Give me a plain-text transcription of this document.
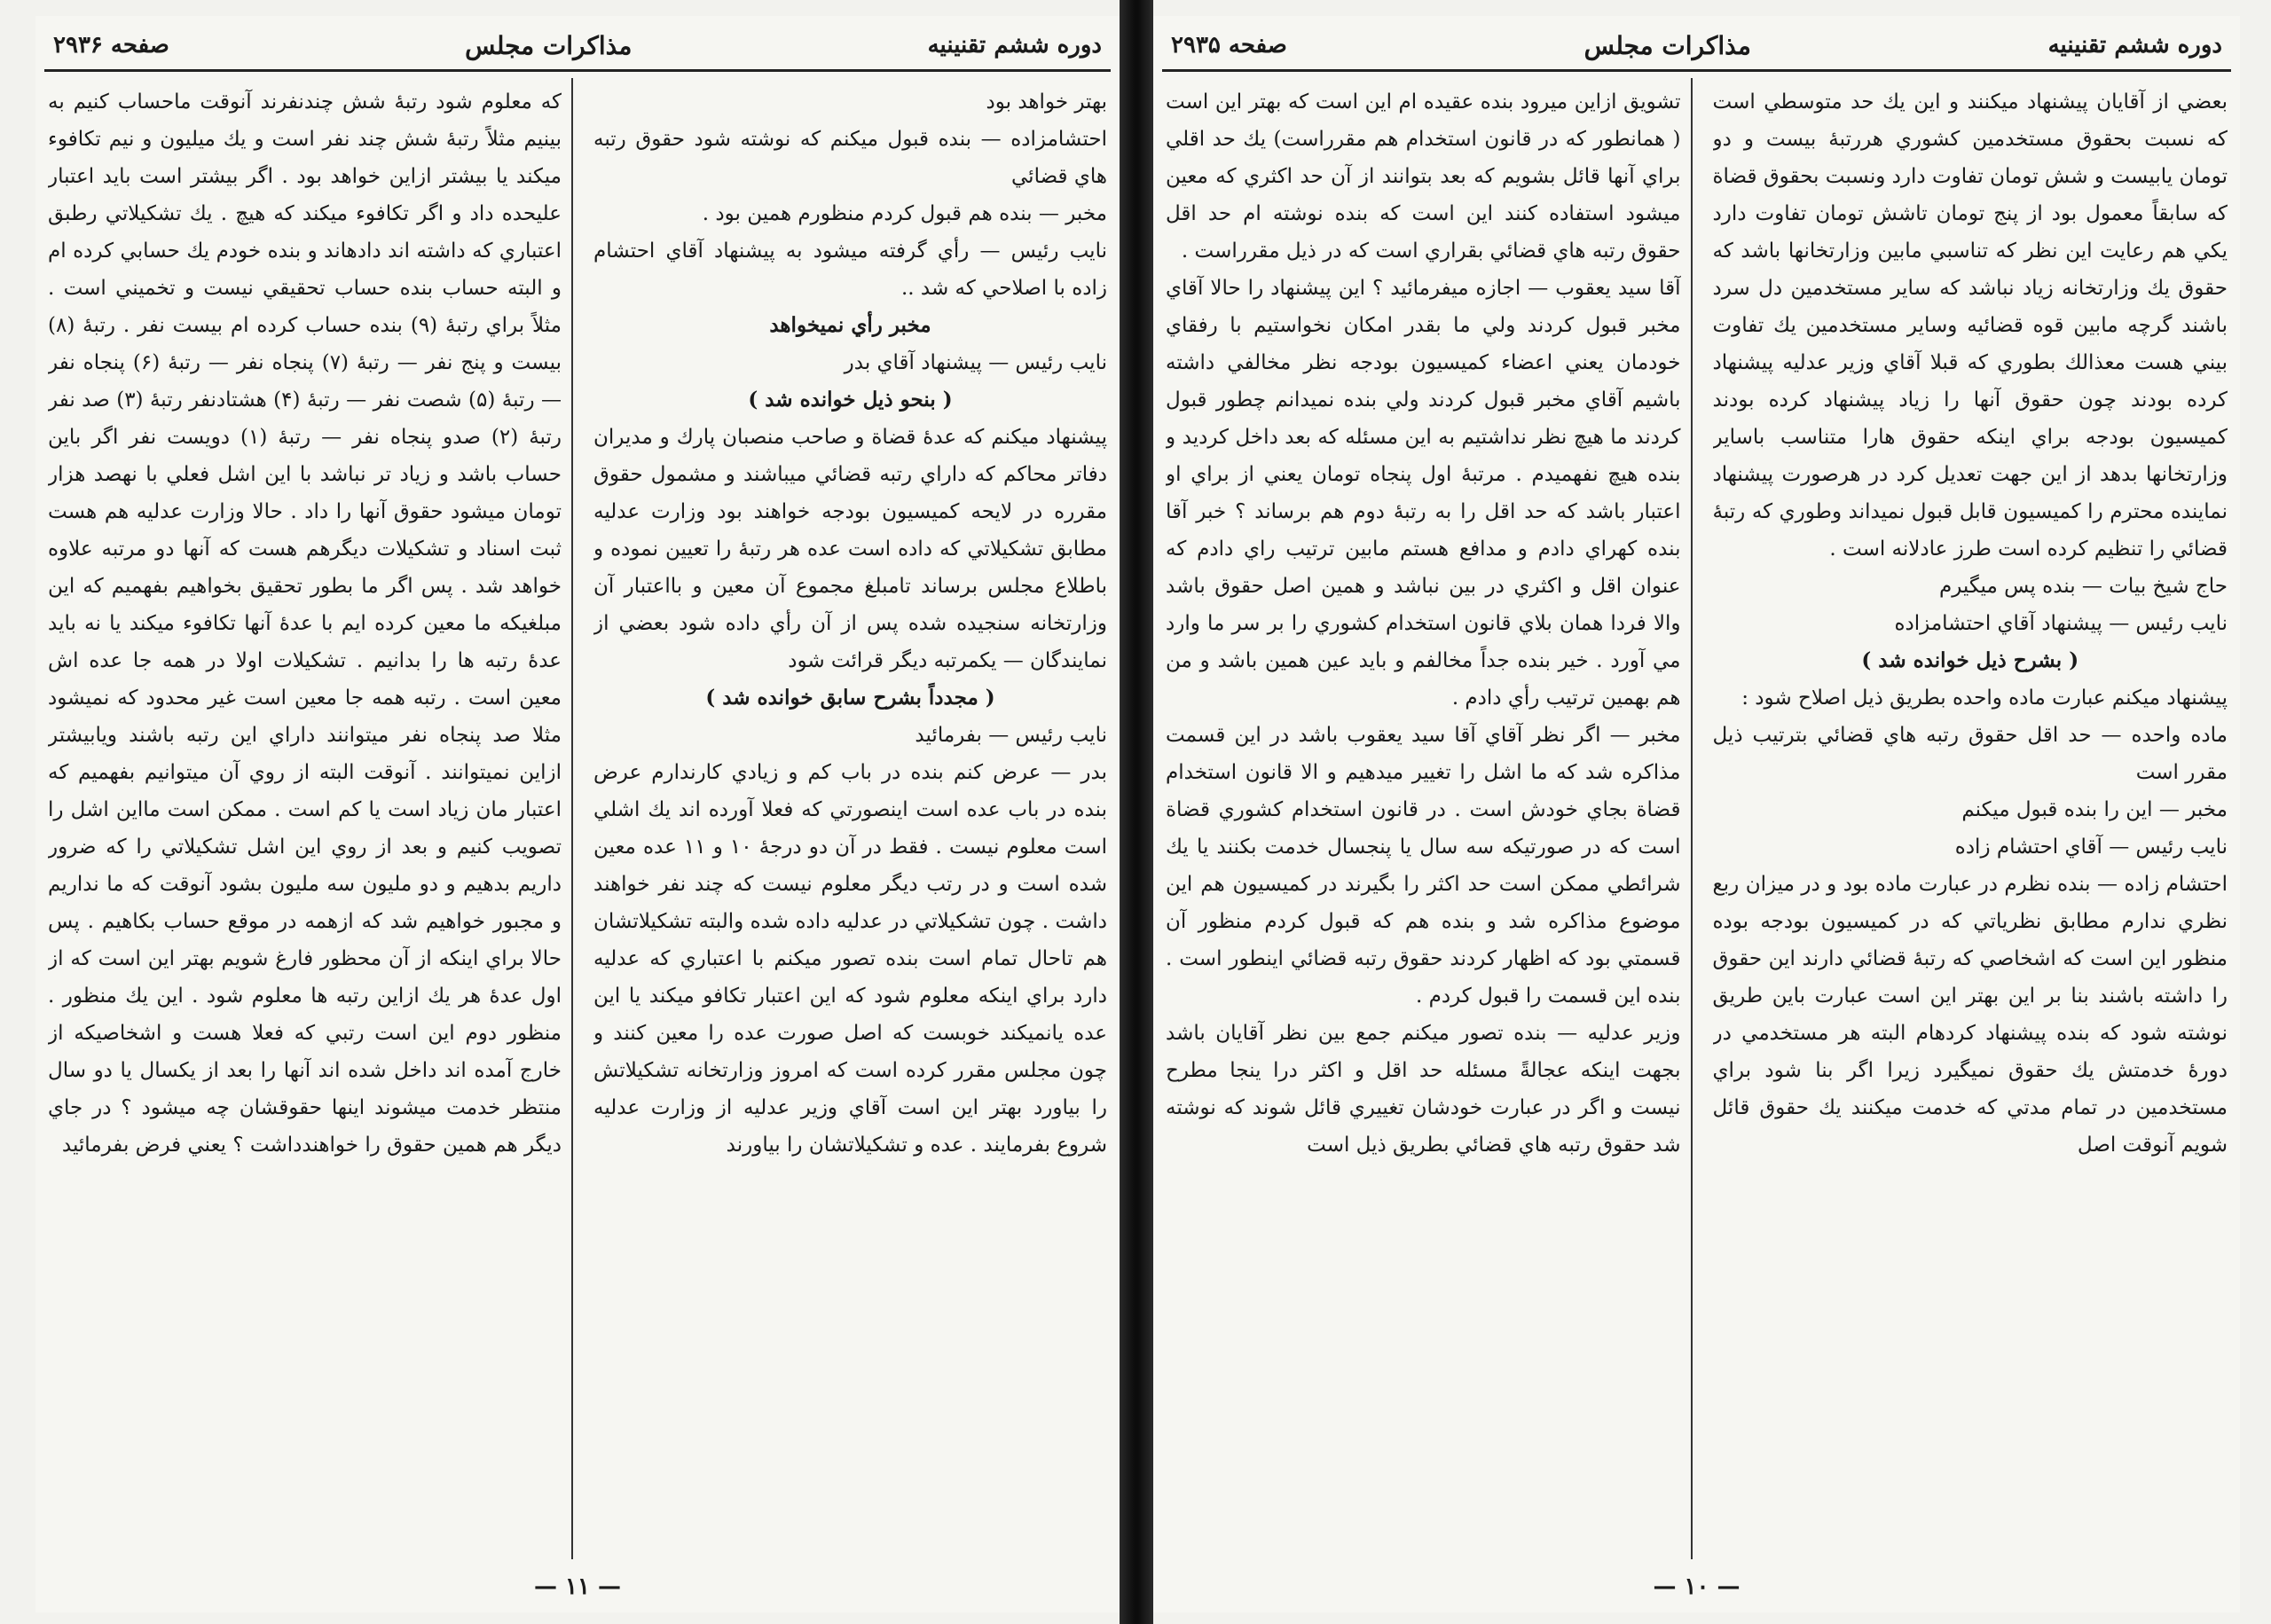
دوره ششم تقنينيه
مذاکرات مجلس
صفحه ۲۹۳۶

بهتر خواهد بود

احتشامزاده — بنده قبول ميكنم كه نوشته شود حقوق رتبه هاي قضائي

مخبر — بنده هم قبول كردم منظورم همين بود .

نايب رئيس — رأي گرفته ميشود به پيشنهاد آقاي احتشام زاده با اصلاحي كه شد ..

مخبر رأي نميخواهد

نايب رئيس — پيشنهاد آقاي بدر

( بنحو ذيل خوانده شد )

پيشنهاد ميكنم كه عدهٔ قضاة و صاحب منصبان پارك و مديران دفاتر محاكم كه داراي رتبه قضائي ميباشند و مشمول حقوق مقرره در لايحه كميسيون بودجه خواهند بود وزارت عدليه مطابق تشكيلاتي كه داده است عده هر رتبهٔ را تعيين نموده و باطلاع مجلس برساند تامبلغ مجموع آن معين و بااعتبار آن وزارتخانه سنجيده شده پس از آن رأي داده شود بعضي از نمايندگان — يكمرتبه ديگر قرائت شود

( مجدداً بشرح سابق خوانده شد )

نايب رئيس — بفرمائيد

بدر — عرض كنم بنده در باب كم و زيادي كارندارم عرض بنده در باب عده است اينصورتي كه فعلا آورده اند يك اشلي است معلوم نيست . فقط در آن دو درجهٔ ۱۰ و ۱۱ عده معين شده است و در رتب ديگر معلوم نيست كه چند نفر خواهند داشت . چون تشكيلاتي در عدليه داده شده والبته تشكيلاتشان هم تاحال تمام است بنده تصور ميكنم با اعتباري كه عدليه دارد براي اينكه معلوم شود كه اين اعتبار تكافو ميكند يا اين عده يانميكند خوبست كه اصل صورت عده را معين كنند و چون مجلس مقرر كرده است كه امروز وزارتخانه تشكيلاتش را بياورد بهتر اين است آقاي وزير عدليه از وزارت عدليه شروع بفرمايند . عده و تشكيلاتشان را بياورند

كه معلوم شود رتبهٔ شش چندنفرند آنوقت ماحساب كنيم به بينيم مثلاً رتبهٔ شش چند نفر است و يك ميليون و نيم تكافوء ميكند يا بيشتر ازاين خواهد بود . اگر بيشتر است بايد اعتبار عليحده داد و اگر تكافوء ميكند كه هيچ . يك تشكيلاتي رطبق اعتباري كه داشته اند دادهاند و بنده خودم يك حسابي كرده ام و البته حساب بنده حساب تحقيقي نيست و تخميني است . مثلاً براي رتبهٔ (۹) بنده حساب كرده ام بيست نفر . رتبهٔ (۸) بيست و پنج نفر — رتبهٔ (۷) پنجاه نفر — رتبهٔ (۶) پنجاه نفر — رتبهٔ (۵) شصت نفر — رتبهٔ (۴) هشتادنفر رتبهٔ (۳) صد نفر رتبهٔ (۲) صدو پنجاه نفر — رتبهٔ (۱) دويست نفر اگر باين حساب باشد و زياد تر نباشد با اين اشل فعلي با نهصد هزار تومان ميشود حقوق آنها را داد . حالا وزارت عدليه هم هست ثبت اسناد و تشكيلات ديگرهم هست كه آنها دو مرتبه علاوه خواهد شد . پس اگر ما بطور تحقيق بخواهيم بفهميم كه اين مبلغيكه ما معين كرده ايم با عدهٔ آنها تكافوء ميكند يا نه بايد عدهٔ رتبه ها را بدانيم . تشكيلات اولا در همه جا عده اش معين است . رتبه همه جا معين است غير محدود كه نميشود مثلا صد پنجاه نفر ميتوانند داراي اين رتبه باشند ويابيشتر ازاين نميتوانند . آنوقت البته از روي آن ميتوانيم بفهميم كه اعتبار مان زياد است يا كم است . ممكن است مااين اشل را تصويب كنيم و بعد از روي اين اشل تشكيلاتي را كه ضرور داريم بدهيم و دو مليون سه مليون بشود آنوقت كه ما نداريم و مجبور خواهيم شد كه ازهمه در موقع حساب بكاهيم . پس حالا براي اينكه از آن محظور فارغ شويم بهتر اين است كه از اول عدهٔ هر يك ازاين رتبه ها معلوم شود . اين يك منظور . منظور دوم اين است رتبي كه فعلا هست و اشخاصيكه از خارج آمده اند داخل شده اند آنها را بعد از يكسال يا دو سال منتظر خدمت ميشوند اينها حقوقشان چه ميشود ؟ در جاي ديگر هم همين حقوق را خواهندداشت ؟ يعني فرض بفرمائيد

— ۱۱ —
دوره ششم تقنينيه
مذاکرات مجلس
صفحه ۲۹۳۵

بعضي از آقايان پيشنهاد ميكنند و اين يك حد متوسطي است كه نسبت بحقوق مستخدمين كشوري هررتبهٔ بيست و دو تومان يابيست و شش تومان تفاوت دارد ونسبت بحقوق قضاة كه سابقاً معمول بود از پنج تومان تاشش تومان تفاوت دارد يكي هم رعايت اين نظر كه تناسبي مابين وزارتخانها باشد كه حقوق يك وزارتخانه زياد نباشد كه ساير مستخدمين دل سرد باشند گرچه مابين قوه قضائيه وساير مستخدمين يك تفاوت بيني هست معذالك بطوري كه قبلا آقاي وزير عدليه پيشنهاد كرده بودند چون حقوق آنها را زياد پيشنهاد كرده بودند كميسيون بودجه براي اينكه حقوق هارا متناسب باساير وزارتخانها بدهد از اين جهت تعديل كرد در هرصورت پيشنهاد نماينده محترم را كميسيون قابل قبول نميداند وطوري كه رتبهٔ قضائي را تنظيم كرده است طرز عادلانه است .

حاج شيخ بيات — بنده پس ميگيرم

نايب رئيس — پيشنهاد آقاي احتشامزاده

( بشرح ذيل خوانده شد )

پيشنهاد ميكنم عبارت ماده واحده بطريق ذيل اصلاح شود :

ماده واحده — حد اقل حقوق رتبه هاي قضائي بترتيب ذيل مقرر است

مخبر — اين را بنده قبول ميكنم

نايب رئيس — آقاي احتشام زاده

احتشام زاده — بنده نظرم در عبارت ماده بود و در ميزان ربع نظري ندارم مطابق نظرياتي كه در كميسيون بودجه بوده منظور اين است كه اشخاصي كه رتبهٔ قضائي دارند اين حقوق را داشته باشند بنا بر اين بهتر اين است عبارت باين طريق نوشته شود كه بنده پيشنهاد كردهام البته هر مستخدمي در دورهٔ خدمتش يك حقوق نميگيرد زيرا اگر بنا شود براي مستخدمين در تمام مدتي كه خدمت ميكنند يك حقوق قائل شويم آنوقت اصل

تشويق ازاين ميرود بنده عقيده ام اين است كه بهتر اين است ( همانطور كه در قانون استخدام هم مقرراست) يك حد اقلي براي آنها قائل بشويم كه بعد بتوانند از آن حد اكثري كه معين ميشود استفاده كنند اين است كه بنده نوشته ام حد اقل حقوق رتبه هاي قضائي بقراري است كه در ذيل مقرراست .

آقا سيد يعقوب — اجازه ميفرمائيد ؟ اين پيشنهاد را حالا آقاي مخبر قبول كردند ولي ما بقدر امكان نخواستيم با رفقاي خودمان يعني اعضاء كميسيون بودجه نظر مخالفي داشته باشيم آقاي مخبر قبول كردند ولي بنده نميدانم چطور قبول كردند ما هيچ نظر نداشتيم به اين مسئله كه بعد داخل كرديد و بنده هيچ نفهميدم . مرتبهٔ اول پنجاه تومان يعني از براي او اعتبار باشد كه حد اقل را به رتبهٔ دوم هم برساند ؟ خبر آقا بنده كهراي دادم و مدافع هستم مابين ترتيب راي دادم كه عنوان اقل و اكثري در بين نباشد و همين اصل حقوق باشد والا فردا همان بلاي قانون استخدام كشوري را بر سر ما وارد مي آورد . خير بنده جداً مخالفم و بايد عين همين باشد و من هم بهمين ترتيب رأي دادم .

مخبر — اگر نظر آقاي آقا سيد يعقوب باشد در اين قسمت مذاكره شد كه ما اشل را تغيير ميدهيم و الا قانون استخدام قضاة بجاي خودش است . در قانون استخدام كشوري قضاة است كه در صورتيكه سه سال يا پنجسال خدمت بكنند يا يك شرائطي ممكن است حد اكثر را بگيرند در كميسيون هم اين موضوع مذاكره شد و بنده هم كه قبول كردم منظور آن قسمتي بود كه اظهار كردند حقوق رتبه قضائي اينطور است . بنده اين قسمت را قبول كردم .

وزير عدليه — بنده تصور ميكنم جمع بين نظر آقايان باشد بجهت اينكه عجالةً مسئله حد اقل و اكثر درا ينجا مطرح نيست و اگر در عبارت خودشان تغييري قائل شوند كه نوشته شد حقوق رتبه هاي قضائي بطريق ذيل است

— ۱۰ —
